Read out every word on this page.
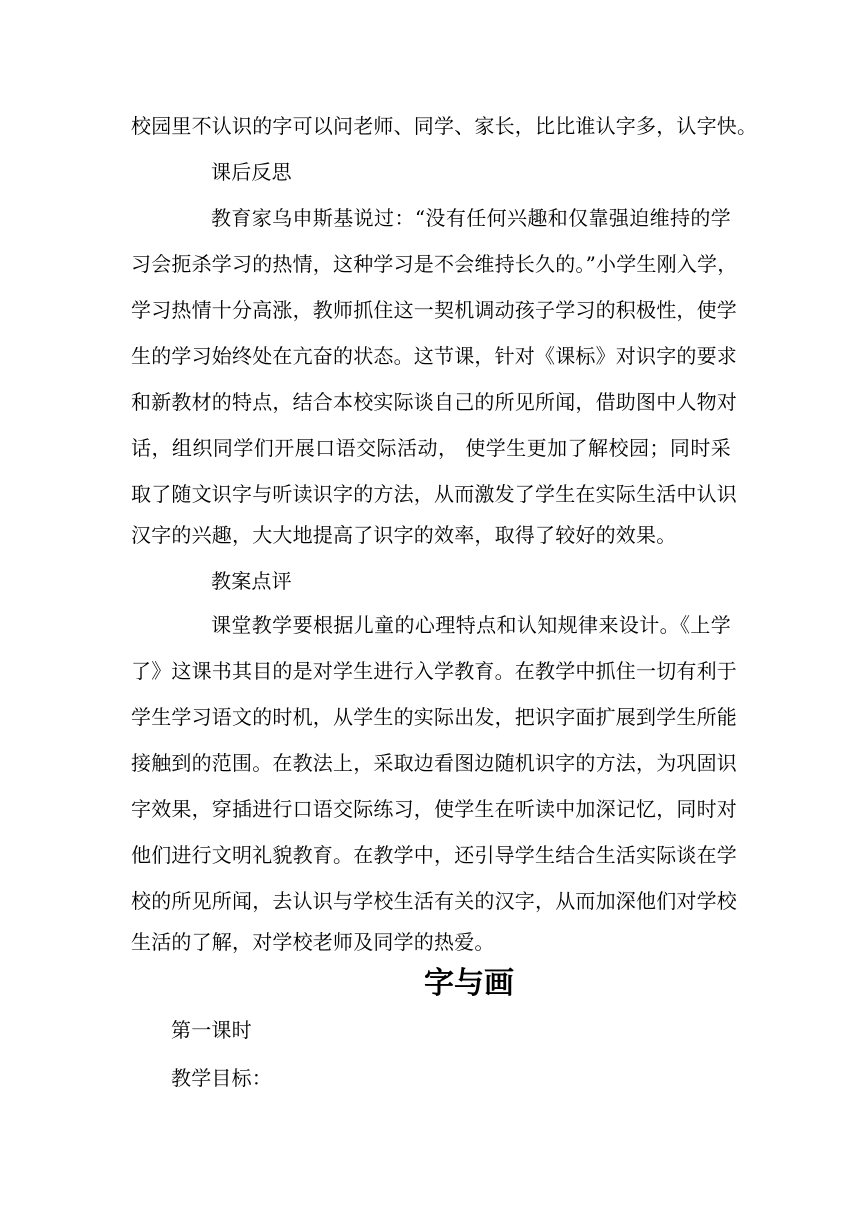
校园里不认识的字可以问老师、同学、家长，比比谁认字多，认字快。
课后反思
教育家乌申斯基说过：“没有任何兴趣和仅靠强迫维持的学
习会扼杀学习的热情，这种学习是不会维持长久的。”小学生刚入学，
学习热情十分高涨，教师抓住这一契机调动孩子学习的积极性，使学
生的学习始终处在亢奋的状态。这节课，针对《课标》对识字的要求
和新教材的特点，结合本校实际谈自己的所见所闻，借助图中人物对
话，组织同学们开展口语交际活动， 使学生更加了解校园；同时采
取了随文识字与听读识字的方法，从而激发了学生在实际生活中认识
汉字的兴趣，大大地提高了识字的效率，取得了较好的效果。
教案点评
课堂教学要根据儿童的心理特点和认知规律来设计。《上学
了》这课书其目的是对学生进行入学教育。在教学中抓住一切有利于
学生学习语文的时机，从学生的实际出发，把识字面扩展到学生所能
接触到的范围。在教法上，采取边看图边随机识字的方法，为巩固识
字效果，穿插进行口语交际练习，使学生在听读中加深记忆，同时对
他们进行文明礼貌教育。在教学中，还引导学生结合生活实际谈在学
校的所见所闻，去认识与学校生活有关的汉字，从而加深他们对学校
生活的了解，对学校老师及同学的热爱。
字与画
第一课时
教学目标：
